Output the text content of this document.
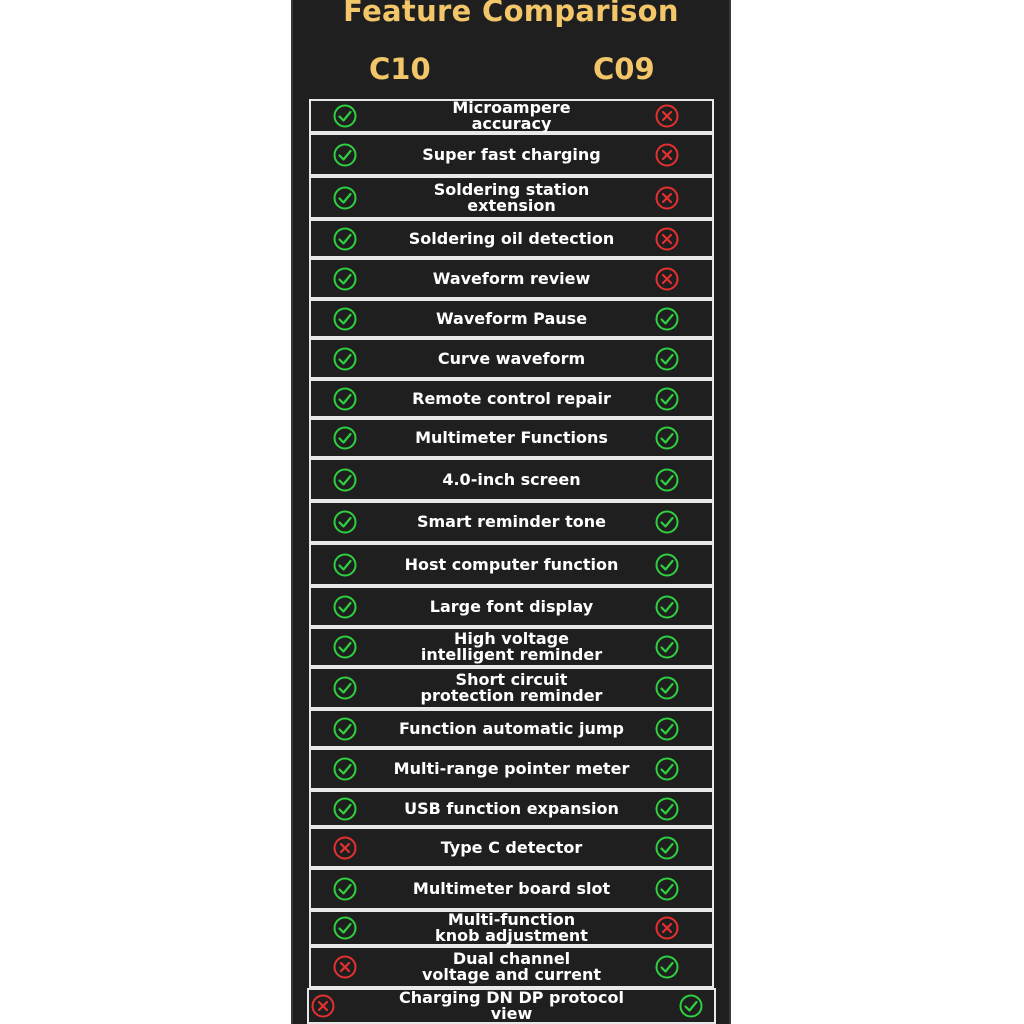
Feature Comparison
C10	C09
Microampere
accuracy
Super fast charging
Soldering station
extension
Soldering oil detection
Waveform review
Waveform Pause
Curve waveform
Remote control repair
Multimeter Functions
4.0-inch screen
Smart reminder tone
Host computer function
Large font display
High voltage
intelligent reminder
Short circuit
protection reminder
Function automatic jump
Multi-range pointer meter
USB function expansion
Type C detector
Multimeter board slot
Multi-function
knob adjustment
Dual channel
voltage and current
Charging DN DP protocol view
